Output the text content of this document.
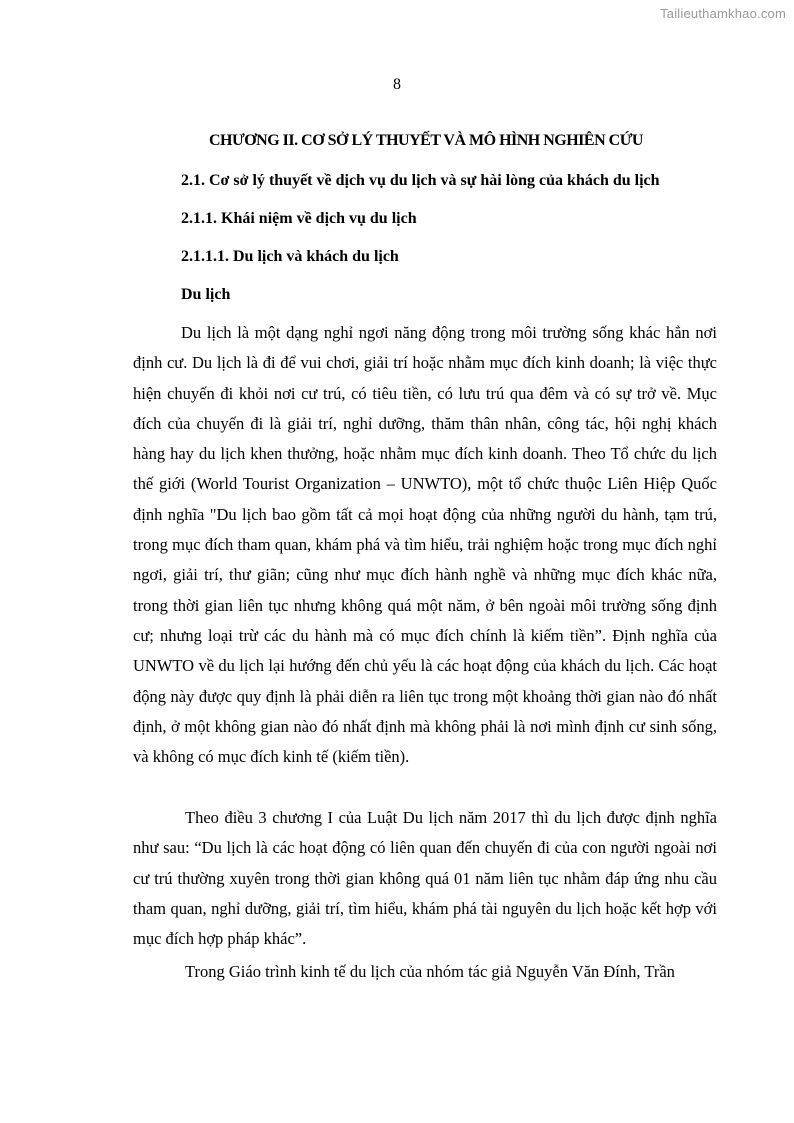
Tailieuthamkhao.com
8
CHƯƠNG II. CƠ SỞ LÝ THUYẾT VÀ MÔ HÌNH NGHIÊN CỨU
2.1. Cơ sở lý thuyết về dịch vụ du lịch và sự hài lòng của khách du lịch
2.1.1. Khái niệm về dịch vụ du lịch
2.1.1.1. Du lịch và khách du lịch
Du lịch

Du lịch là một dạng nghỉ ngơi năng động trong môi trường sống khác hẳn nơi định cư. Du lịch là đi để vui chơi, giải trí hoặc nhằm mục đích kinh doanh; là việc thực hiện chuyến đi khỏi nơi cư trú, có tiêu tiền, có lưu trú qua đêm và có sự trở về. Mục đích của chuyến đi là giải trí, nghỉ dưỡng, thăm thân nhân, công tác, hội nghị khách hàng hay du lịch khen thưởng, hoặc nhằm mục đích kinh doanh. Theo Tổ chức du lịch thế giới (World Tourist Organization – UNWTO), một tổ chức thuộc Liên Hiệp Quốc định nghĩa "Du lịch bao gồm tất cả mọi hoạt động của những người du hành, tạm trú, trong mục đích tham quan, khám phá và tìm hiểu, trải nghiệm hoặc trong mục đích nghỉ ngơi, giải trí, thư giãn; cũng như mục đích hành nghề và những mục đích khác nữa, trong thời gian liên tục nhưng không quá một năm, ở bên ngoài môi trường sống định cư; nhưng loại trừ các du hành mà có mục đích chính là kiếm tiền”. Định nghĩa của UNWTO về du lịch lại hướng đến chủ yếu là các hoạt động của khách du lịch. Các hoạt động này được quy định là phải diễn ra liên tục trong một khoảng thời gian nào đó nhất định, ở một không gian nào đó nhất định mà không phải là nơi mình định cư sinh sống, và không có mục đích kinh tế (kiếm tiền).

Theo điều 3 chương I của Luật Du lịch năm 2017 thì du lịch được định nghĩa như sau: “Du lịch là các hoạt động có liên quan đến chuyến đi của con người ngoài nơi cư trú thường xuyên trong thời gian không quá 01 năm liên tục nhằm đáp ứng nhu cầu tham quan, nghỉ dưỡng, giải trí, tìm hiểu, khám phá tài nguyên du lịch hoặc kết hợp với mục đích hợp pháp khác”.

Trong Giáo trình kinh tế du lịch của nhóm tác giả Nguyễn Văn Đính, Trần
